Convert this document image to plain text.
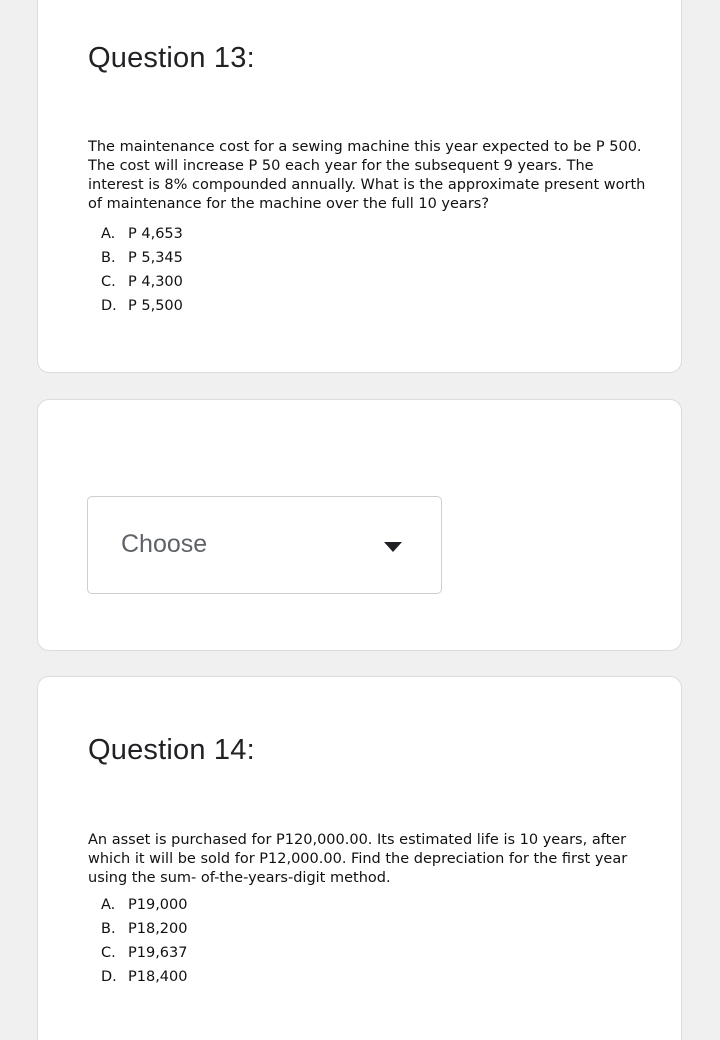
Question 13:

The maintenance cost for a sewing machine this year expected to be P 500. The cost will increase P 50 each year for the subsequent 9 years. The interest is 8% compounded annually. What is the approximate present worth of maintenance for the machine over the full 10 years?

A. P 4,653
B. P 5,345
C. P 4,300
D. P 5,500
Choose
Question 14:

An asset is purchased for P120,000.00. Its estimated life is 10 years, after which it will be sold for P12,000.00. Find the depreciation for the first year using the sum- of-the-years-digit method.

A. P19,000
B. P18,200
C. P19,637
D. P18,400
